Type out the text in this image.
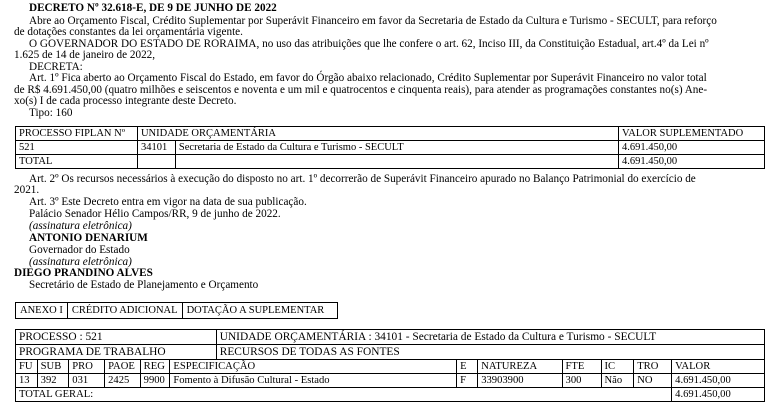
DECRETO Nº 32.618-E, DE 9 DE JUNHO DE 2022
Abre ao Orçamento Fiscal, Crédito Suplementar por Superávit Financeiro em favor da Secretaria de Estado da Cultura e Turismo - SECULT, para reforço
de dotações constantes da lei orçamentária vigente.
O GOVERNADOR DO ESTADO DE RORAIMA, no uso das atribuições que lhe confere o art. 62, Inciso III, da Constituição Estadual, art.4º da Lei nº
1.625 de 14 de janeiro de 2022,
DECRETA:
Art. 1º Fica aberto ao Orçamento Fiscal do Estado, em favor do Órgão abaixo relacionado, Crédito Suplementar por Superávit Financeiro no valor total
de R$ 4.691.450,00 (quatro milhões e seiscentos e noventa e um mil e quatrocentos e cinquenta reais), para atender as programações constantes no(s) Ane-
xo(s) I de cada processo integrante deste Decreto.
Tipo: 160
PROCESSO FIPLAN Nº	UNIDADE ORÇAMENTÁRIA		VALOR SUPLEMENTADO
521	34101	Secretaria de Estado da Cultura e Turismo - SECULT	4.691.450,00
TOTAL			4.691.450,00
Art. 2º Os recursos necessários à execução do disposto no art. 1º decorrerão de Superávit Financeiro apurado no Balanço Patrimonial do exercício de
2021.
Art. 3º Este Decreto entra em vigor na data de sua publicação.
Palácio Senador Hélio Campos/RR, 9 de junho de 2022.
(assinatura eletrônica)
ANTONIO DENARIUM
Governador do Estado
(assinatura eletrônica)
DIEGO PRANDINO ALVES
Secretário de Estado de Planejamento e Orçamento
ANEXO I	CRÉDITO ADICIONAL	DOTAÇÃO A SUPLEMENTAR
PROCESSO : 521						UNIDADE ORÇAMENTÁRIA : 34101 - Secretaria de Estado da Cultura e Turismo - SECULT						
PROGRAMA DE TRABALHO						RECURSOS DE TODAS AS FONTES						
FU	SUB	PRO	PAOE	REG	ESPECIFICAÇÃO		E	NATUREZA	FTE	IC	TRO	VALOR
13	392	031	2425	9900	Fomento à Difusão Cultural - Estado		F	33903900	300	Não	NO	4.691.450,00
TOTAL GERAL:												4.691.450,00
